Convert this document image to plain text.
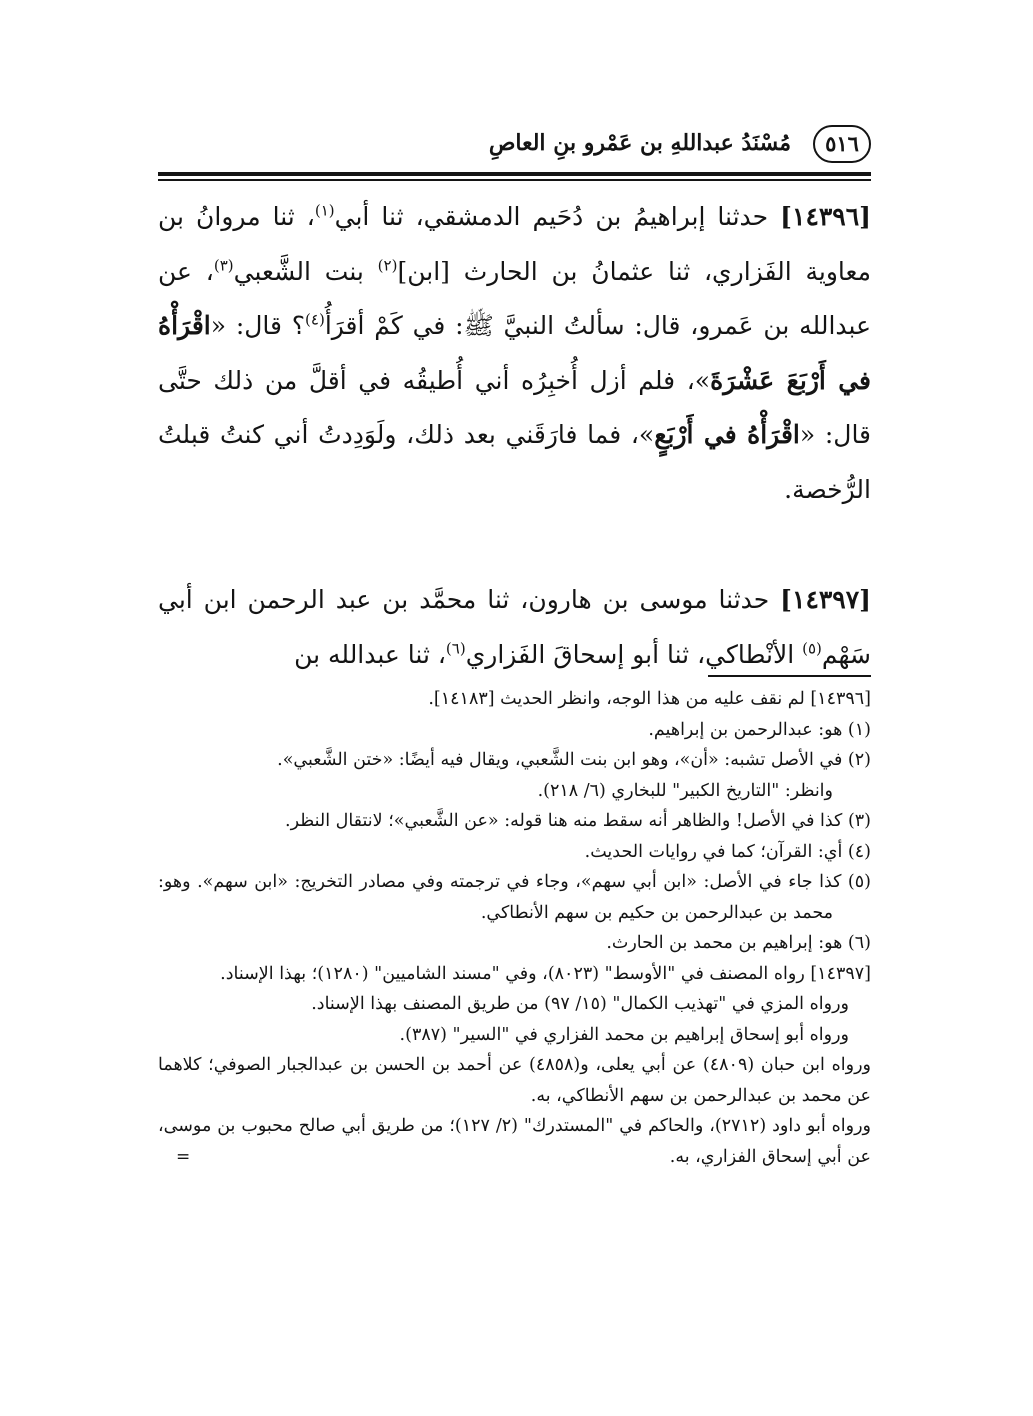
٥١٦
مُسْنَدُ عبداللهِ بن عَمْرو بنِ العاصِ

[١٤٣٩٦] حدثنا إبراهيمُ بن دُحَيم الدمشقي، ثنا أبي$^{(١)}$، ثنا مروانُ بن معاوية الفَزاري، ثنا عثمانُ بن الحارث [ابن]$^{(٢)}$ بنت الشَّعبي$^{(٣)}$، عن عبدالله بن عَمرو، قال: سألتُ النبيَّ ﷺ: في كَمْ أقرَأُ$^{(٤)}$؟ قال: «اقْرَأْهُ في أَرْبَعَ عَشْرَةَ»، فلم أزل أُخبِرُه أني أُطيقُه في أقلَّ من ذلك حتَّى قال: «اقْرَأْهُ في أَرْبَعٍ»، فما فارَقَني بعد ذلك، ولَوَدِدتُ أني كنتُ قبلتُ الرُّخصة.

[١٤٣٩٧] حدثنا موسى بن هارون، ثنا محمَّد بن عبد الرحمن ابن أبي سَهْم$^{(٥)}$ الأنْطاكي، ثنا أبو إسحاقَ الفَزاري$^{(٦)}$، ثنا عبدالله بن

[١٤٣٩٦] لم نقف عليه من هذا الوجه، وانظر الحديث [١٤١٨٣].

(١) هو: عبدالرحمن بن إبراهيم.

(٢) في الأصل تشبه: «أن»، وهو ابن بنت الشَّعبي، ويقال فيه أيضًا: «ختن الشَّعبي».

وانظر: "التاريخ الكبير" للبخاري (٦/ ٢١٨).

(٣) كذا في الأصل! والظاهر أنه سقط منه هنا قوله: «عن الشَّعبي»؛ لانتقال النظر.

(٤) أي: القرآن؛ كما في روايات الحديث.

(٥) كذا جاء في الأصل: «ابن أبي سهم»، وجاء في ترجمته وفي مصادر التخريج: «ابن سهم». وهو: محمد بن عبدالرحمن بن حكيم بن سهم الأنطاكي.

(٦) هو: إبراهيم بن محمد بن الحارث.

[١٤٣٩٧] رواه المصنف في "الأوسط" (٨٠٢٣)، وفي "مسند الشاميين" (١٢٨٠)؛ بهذا الإسناد.

ورواه المزي في "تهذيب الكمال" (١٥/ ٩٧) من طريق المصنف بهذا الإسناد.

ورواه أبو إسحاق إبراهيم بن محمد الفزاري في "السير" (٣٨٧).

ورواه ابن حبان (٤٨٠٩) عن أبي يعلى، و(٤٨٥٨) عن أحمد بن الحسن بن عبدالجبار الصوفي؛ كلاهما عن محمد بن عبدالرحمن بن سهم الأنطاكي، به.

ورواه أبو داود (٢٧١٢)، والحاكم في "المستدرك" (٢/ ١٢٧)؛ من طريق أبي صالح محبوب بن موسى، عن أبي إسحاق الفزاري، به.
=
